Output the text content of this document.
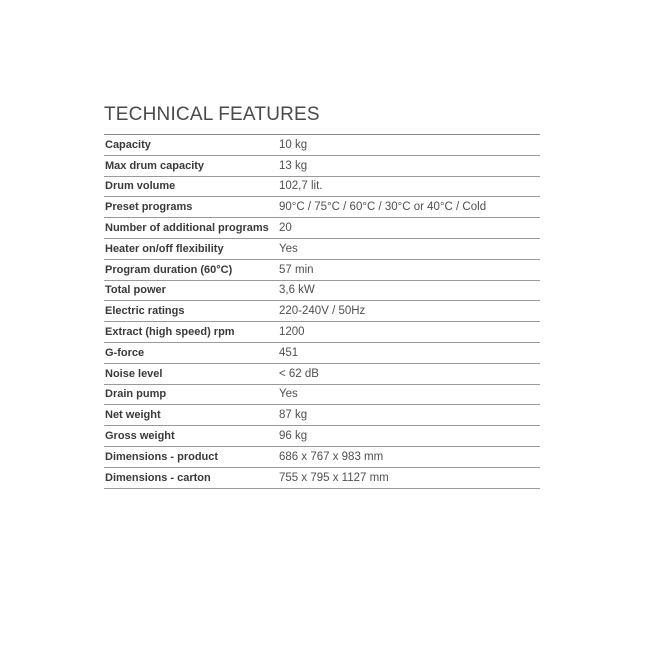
TECHNICAL FEATURES
Capacity	10 kg
Max drum capacity	13 kg
Drum volume	102,7 lit.
Preset programs	90°C / 75°C / 60°C / 30°C or 40°C / Cold
Number of additional programs 20
Heater on/off flexibility	Yes
Program duration (60°C)	57 min
Total power	3,6 kW
Electric ratings	220-240V / 50Hz
Extract (high speed) rpm	1200
G-force	451
Noise level	< 62 dB
Drain pump	Yes
Net weight	87 kg
Gross weight	96 kg
Dimensions - product	686 x 767 x 983 mm
Dimensions - carton	755 x 795 x 1127 mm
